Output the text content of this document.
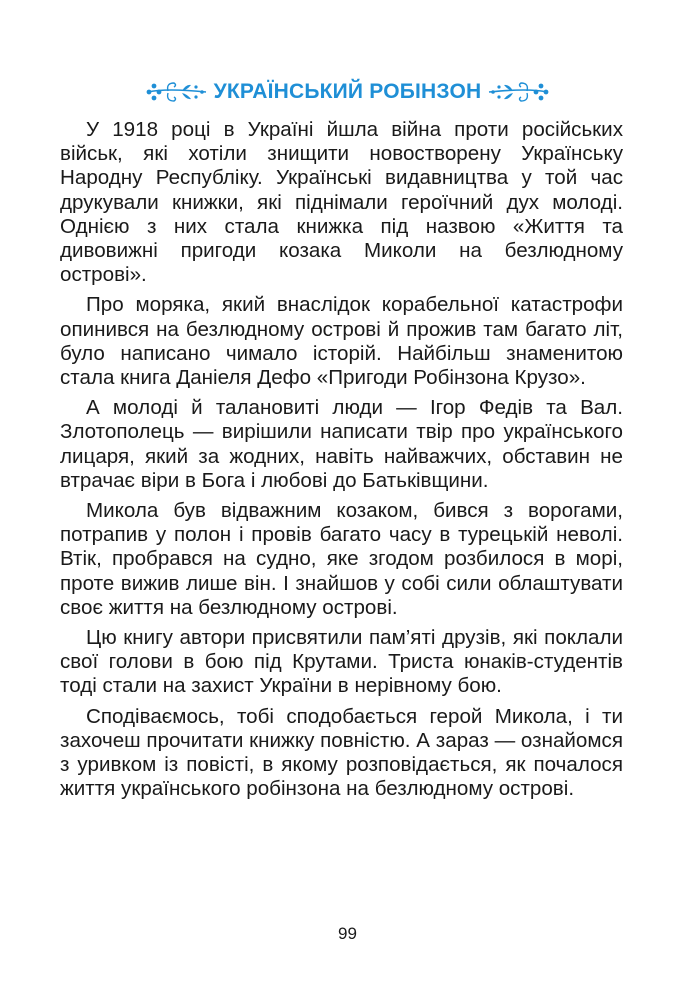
УКРАЇНСЬКИЙ РОБІНЗОН

У 1918 році в Україні йшла війна проти російських військ, які хотіли знищити новостворену Українську Народну Республіку. Українські видавництва у той час друкували книжки, які піднімали героїчний дух молоді. Однією з них стала книжка під назвою «Життя та дивовижні пригоди козака Миколи на безлюдному острові».

Про моряка, який внаслідок корабельної катастрофи опинився на безлюдному острові й прожив там багато літ, було написано чимало історій. Найбільш знаменитою стала книга Даніеля Дефо «Пригоди Робінзона Крузо».

А молоді й талановиті люди — Ігор Федів та Вал. Злотополець — вирішили написати твір про українського лицаря, який за жодних, навіть найважчих, обставин не втрачає віри в Бога і любові до Батьківщини.

Микола був відважним козаком, бився з ворогами, потрапив у полон і провів багато часу в турецькій неволі. Втік, пробрався на судно, яке згодом розбилося в морі, проте вижив лише він. І знайшов у собі сили облаштувати своє життя на безлюдному острові.

Цю книгу автори присвятили пам’яті друзів, які поклали свої голови в бою під Крутами. Триста юнаків-студентів тоді стали на захист України в нерівному бою.

Сподіваємось, тобі сподобається герой Микола, і ти захочеш прочитати книжку повністю. А зараз — ознайомся з уривком із повісті, в якому розповідається, як почалося життя українського робінзона на безлюдному острові.

99
